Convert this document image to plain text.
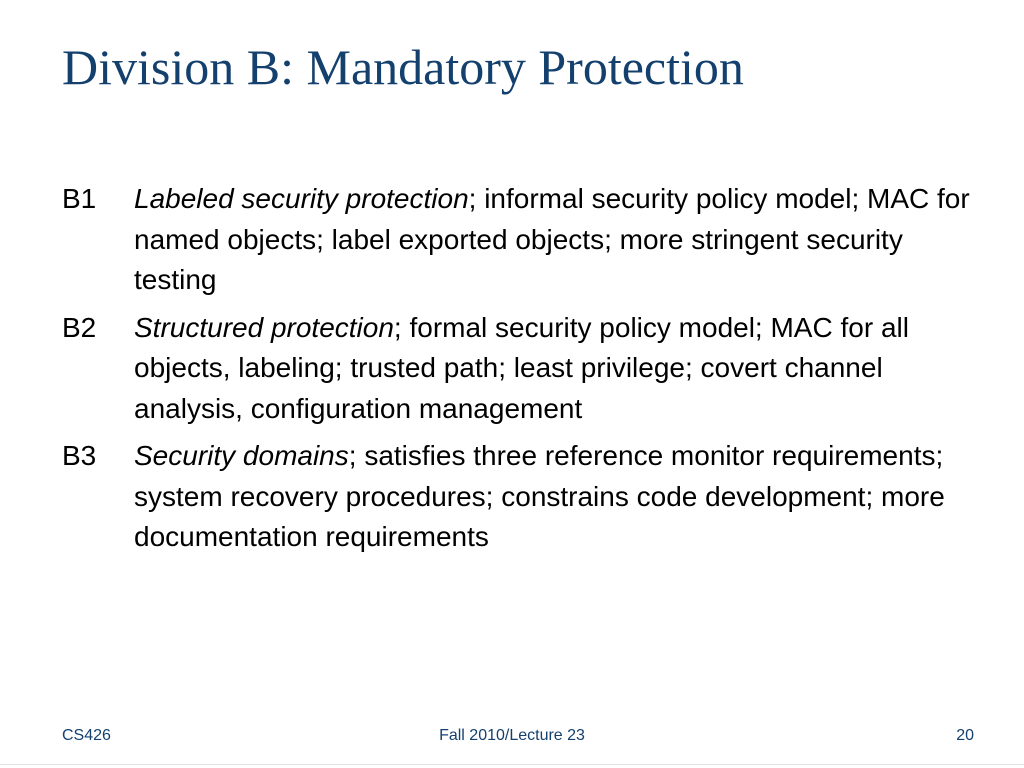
Division B: Mandatory Protection
B1 Labeled security protection; informal security policy model; MAC for named objects; label exported objects; more stringent security testing
B2 Structured protection; formal security policy model; MAC for all objects, labeling; trusted path; least privilege; covert channel analysis, configuration management
B3 Security domains; satisfies three reference monitor requirements; system recovery procedures; constrains code development; more documentation requirements
CS426	Fall 2010/Lecture 23	20
